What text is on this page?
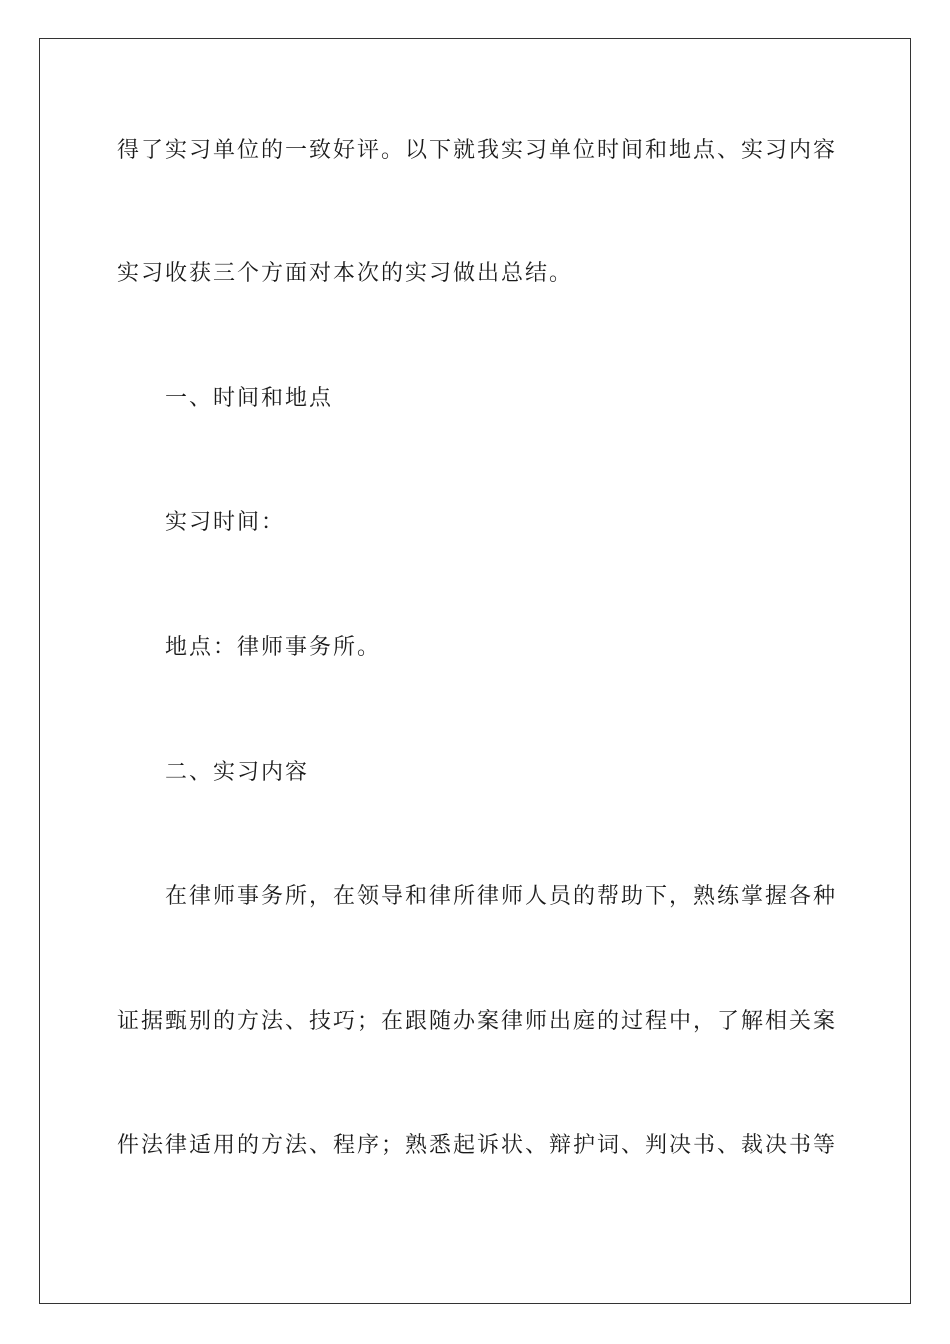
得了实习单位的一致好评。以下就我实习单位时间和地点、实习内容
实习收获三个方面对本次的实习做出总结。
一、时间和地点
实习时间：
地点：律师事务所。
二、实习内容
在律师事务所，在领导和律所律师人员的帮助下，熟练掌握各种
证据甄别的方法、技巧；在跟随办案律师出庭的过程中，了解相关案
件法律适用的方法、程序；熟悉起诉状、辩护词、判决书、裁决书等
